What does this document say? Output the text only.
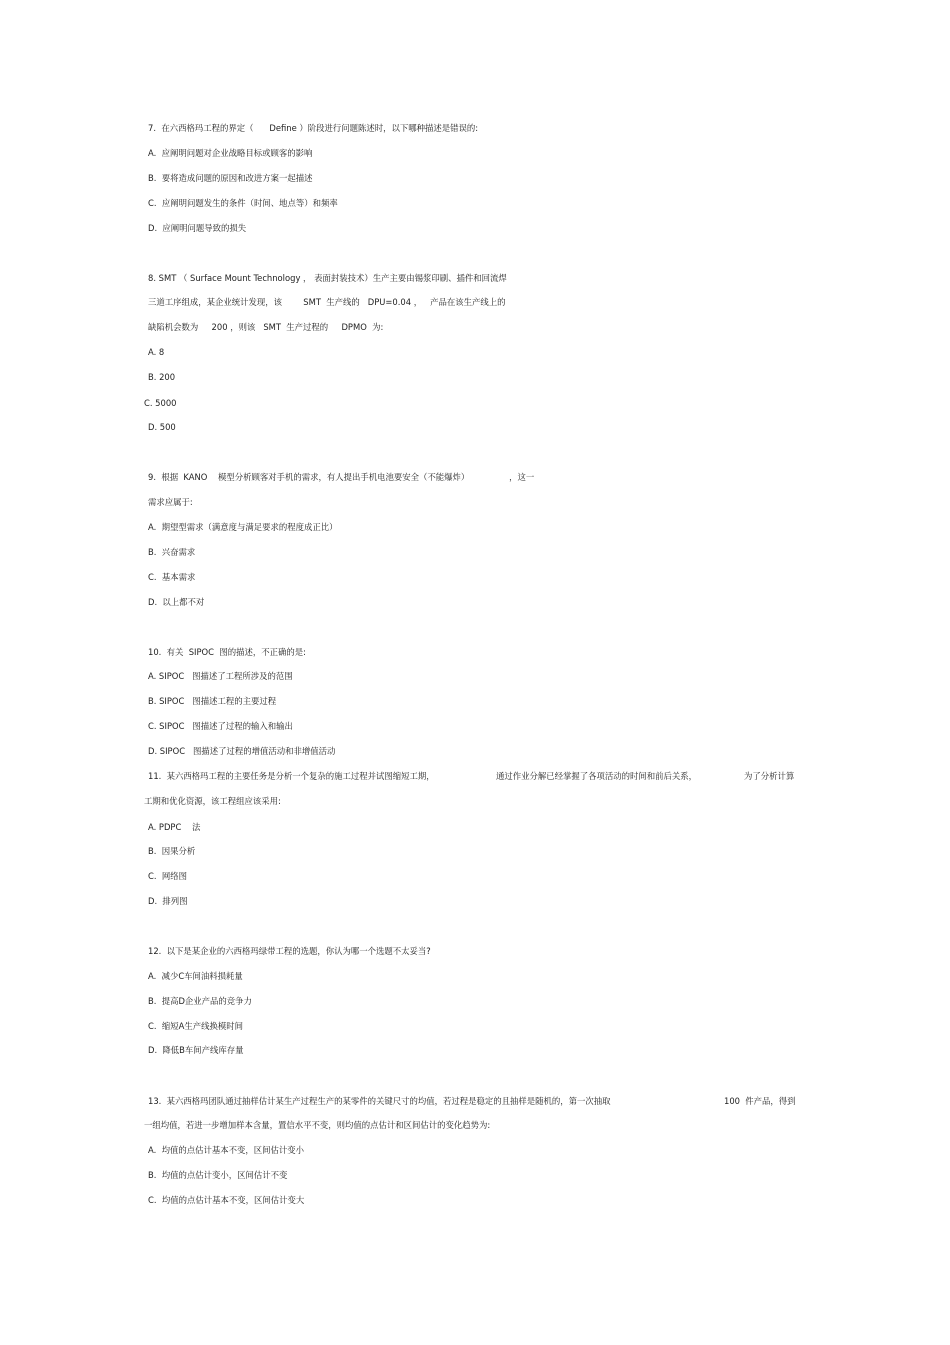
7.  在六西格玛工程的界定（      Define ）阶段进行问题陈述时，以下哪种描述是错误的:
A.  应阐明问题对企业战略目标或顾客的影响
B.  要将造成问题的原因和改进方案一起描述
C.  应阐明问题发生的条件（时间、地点等）和频率
D.  应阐明问题导致的损失
8. SMT （ Surface Mount Technology ， 表面封装技术）生产主要由锡浆印刷、插件和回流焊
三道工序组成，某企业统计发现，该        SMT  生产线的   DPU=0.04 ，   产品在该生产线上的
缺陷机会数为     200 ，则该   SMT  生产过程的     DPMO  为:
A. 8
B. 200
C. 5000
D. 500
9.  根据  KANO    模型分析顾客对手机的需求，有人提出手机电池要安全（不能爆炸）               ，这一
需求应属于:
A.  期望型需求（满意度与满足要求的程度成正比）
B.  兴奋需求
C.  基本需求
D.  以上都不对
10.  有关  SIPOC  图的描述，不正确的是:
A. SIPOC   图描述了工程所涉及的范围
B. SIPOC   图描述工程的主要过程
C. SIPOC   图描述了过程的输入和输出
D. SIPOC   图描述了过程的增值活动和非增值活动
11.  某六西格玛工程的主要任务是分析一个复杂的施工过程并试图缩短工期，	通过作业分解已经掌握了各项活动的时间和前后关系，	为了分析计算
工期和优化资源，该工程组应该采用:
A. PDPC    法
B.  因果分析
C.  网络图
D.  排列图
12.  以下是某企业的六西格玛绿带工程的选题，你认为哪一个选题不太妥当?
A.  减少C车间油料损耗量
B.  提高D企业产品的竞争力
C.  缩短A生产线换模时间
D.  降低B车间产线库存量
13.  某六西格玛团队通过抽样估计某生产过程生产的某零件的关键尺寸的均值，若过程是稳定的且抽样是随机的，第一次抽取	100  件产品，得到
一组均值，若进一步增加样本含量，置信水平不变，则均值的点估计和区间估计的变化趋势为:
A.  均值的点估计基本不变，区间估计变小
B.  均值的点估计变小，区间估计不变
C.  均值的点估计基本不变，区间估计变大
